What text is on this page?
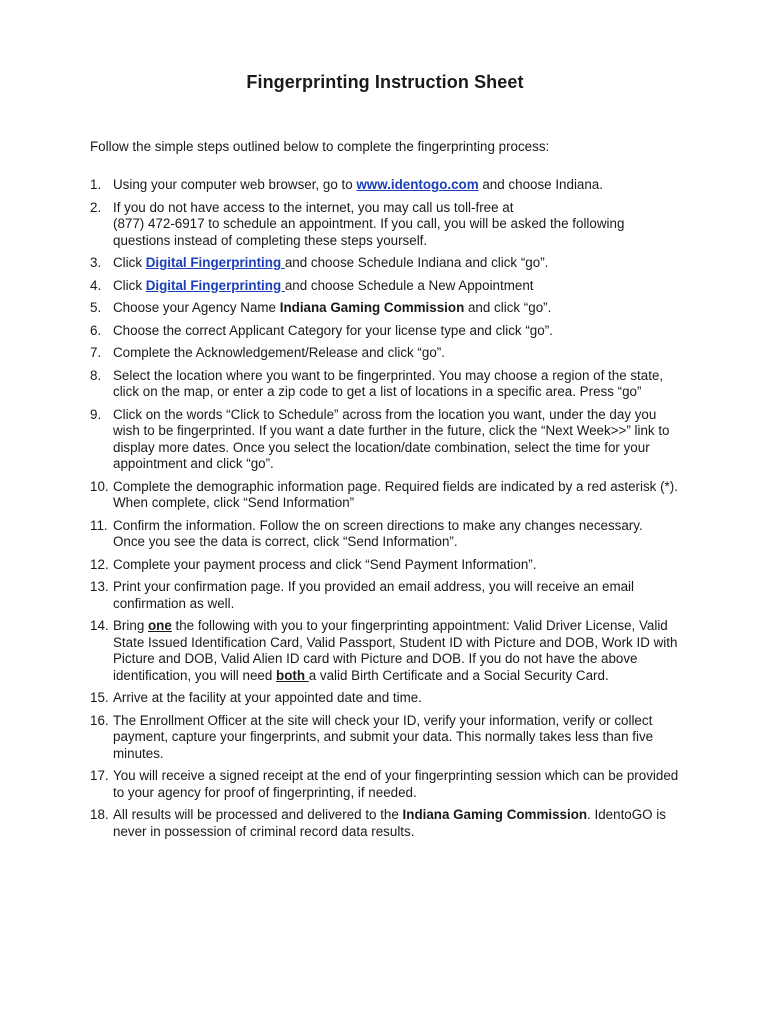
Fingerprinting Instruction Sheet
Follow the simple steps outlined below to complete the fingerprinting process:
1. Using your computer web browser, go to www.identogo.com and choose Indiana.
2. If you do not have access to the internet, you may call us toll-free at
(877) 472-6917 to schedule an appointment. If you call, you will be asked the following
questions instead of completing these steps yourself.
3. Click Digital Fingerprinting and choose Schedule Indiana and click “go”.
4. Click Digital Fingerprinting and choose Schedule a New Appointment
5. Choose your Agency Name Indiana Gaming Commission and click “go”.
6. Choose the correct Applicant Category for your license type and click “go”.
7. Complete the Acknowledgement/Release and click “go”.
8. Select the location where you want to be fingerprinted. You may choose a region of the state,
click on the map, or enter a zip code to get a list of locations in a specific area. Press “go”
9. Click on the words “Click to Schedule” across from the location you want, under the day you
wish to be fingerprinted. If you want a date further in the future, click the “Next Week>>” link to
display more dates. Once you select the location/date combination, select the time for your
appointment and click “go”.
10. Complete the demographic information page. Required fields are indicated by a red asterisk (*).
When complete, click “Send Information”
11. Confirm the information. Follow the on screen directions to make any changes necessary.
Once you see the data is correct, click “Send Information”.
12. Complete your payment process and click “Send Payment Information”.
13. Print your confirmation page. If you provided an email address, you will receive an email
confirmation as well.
14. Bring one the following with you to your fingerprinting appointment: Valid Driver License, Valid
State Issued Identification Card, Valid Passport, Student ID with Picture and DOB, Work ID with
Picture and DOB, Valid Alien ID card with Picture and DOB. If you do not have the above
identification, you will need both a valid Birth Certificate and a Social Security Card.
15. Arrive at the facility at your appointed date and time.
16. The Enrollment Officer at the site will check your ID, verify your information, verify or collect
payment, capture your fingerprints, and submit your data. This normally takes less than five
minutes.
17. You will receive a signed receipt at the end of your fingerprinting session which can be provided
to your agency for proof of fingerprinting, if needed.
18. All results will be processed and delivered to the Indiana Gaming Commission. IdentoGO is
never in possession of criminal record data results.
